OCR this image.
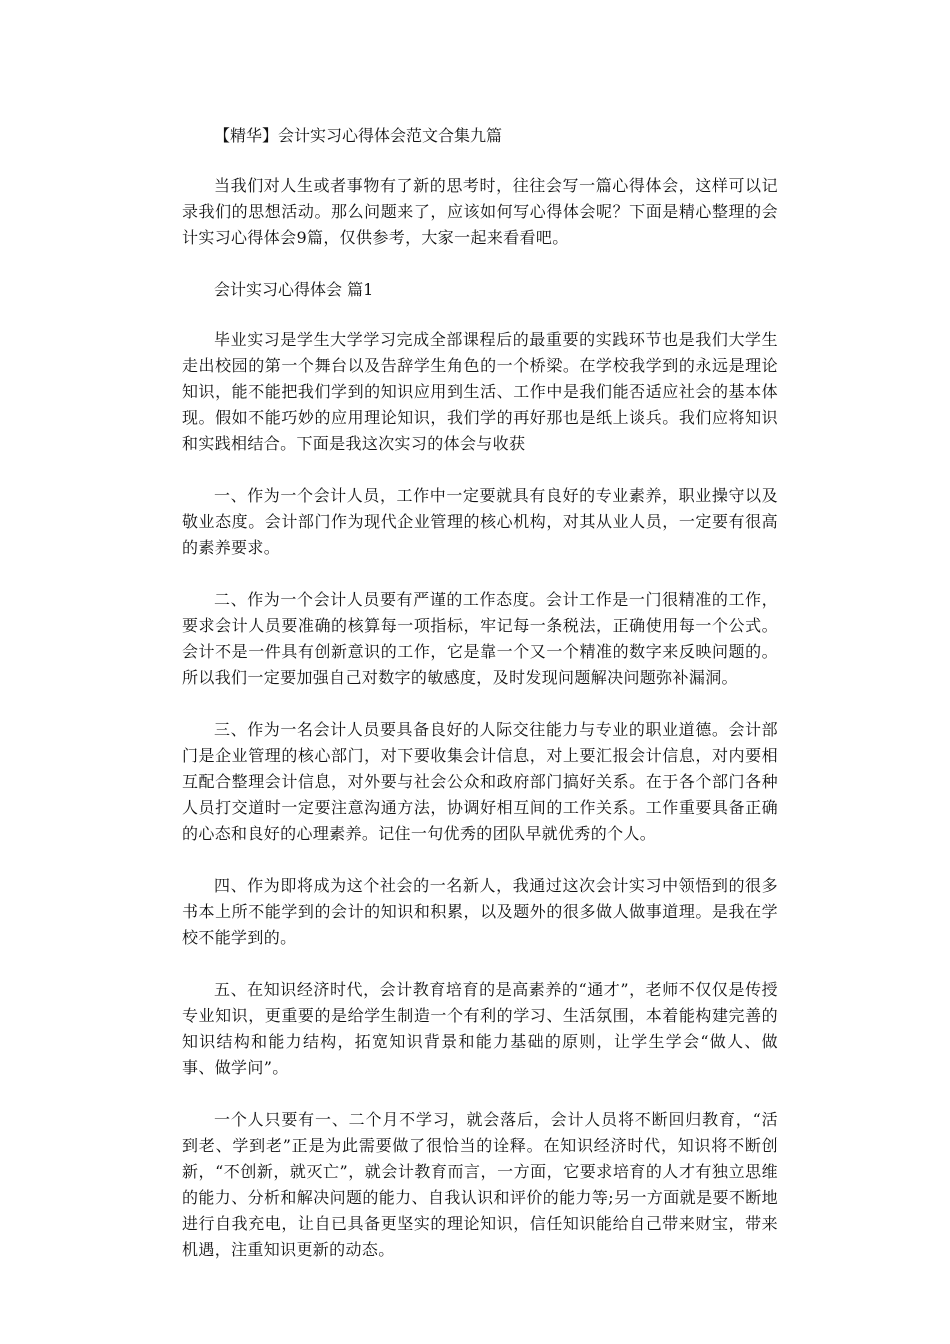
【精华】会计实习心得体会范文合集九篇

当我们对人生或者事物有了新的思考时，往往会写一篇心得体会，这样可以记录我们的思想活动。那么问题来了，应该如何写心得体会呢？下面是精心整理的会计实习心得体会9篇，仅供参考，大家一起来看看吧。

会计实习心得体会 篇1

毕业实习是学生大学学习完成全部课程后的最重要的实践环节也是我们大学生走出校园的第一个舞台以及告辞学生角色的一个桥梁。在学校我学到的永远是理论知识，能不能把我们学到的知识应用到生活、工作中是我们能否适应社会的基本体现。假如不能巧妙的应用理论知识，我们学的再好那也是纸上谈兵。我们应将知识和实践相结合。下面是我这次实习的体会与收获

一、作为一个会计人员，工作中一定要就具有良好的专业素养，职业操守以及敬业态度。会计部门作为现代企业管理的核心机构，对其从业人员，一定要有很高的素养要求。

二、作为一个会计人员要有严谨的工作态度。会计工作是一门很精准的工作，要求会计人员要准确的核算每一项指标，牢记每一条税法，正确使用每一个公式。会计不是一件具有创新意识的工作，它是靠一个又一个精准的数字来反映问题的。所以我们一定要加强自己对数字的敏感度，及时发现问题解决问题弥补漏洞。

三、作为一名会计人员要具备良好的人际交往能力与专业的职业道德。会计部门是企业管理的核心部门，对下要收集会计信息，对上要汇报会计信息，对内要相互配合整理会计信息，对外要与社会公众和政府部门搞好关系。在于各个部门各种人员打交道时一定要注意沟通方法，协调好相互间的工作关系。工作重要具备正确的心态和良好的心理素养。记住一句优秀的团队早就优秀的个人。

四、作为即将成为这个社会的一名新人，我通过这次会计实习中领悟到的很多书本上所不能学到的会计的知识和积累，以及题外的很多做人做事道理。是我在学校不能学到的。

五、在知识经济时代，会计教育培育的是高素养的“通才”，老师不仅仅是传授专业知识，更重要的是给学生制造一个有利的学习、生活氛围，本着能构建完善的知识结构和能力结构，拓宽知识背景和能力基础的原则，让学生学会“做人、做事、做学问”。

一个人只要有一、二个月不学习，就会落后，会计人员将不断回归教育，“活到老、学到老”正是为此需要做了很恰当的诠释。在知识经济时代，知识将不断创新，“不创新，就灭亡”，就会计教育而言，一方面，它要求培育的人才有独立思维的能力、分析和解决问题的能力、自我认识和评价的能力等;另一方面就是要不断地进行自我充电，让自已具备更坚实的理论知识，信任知识能给自己带来财宝，带来机遇，注重知识更新的动态。
